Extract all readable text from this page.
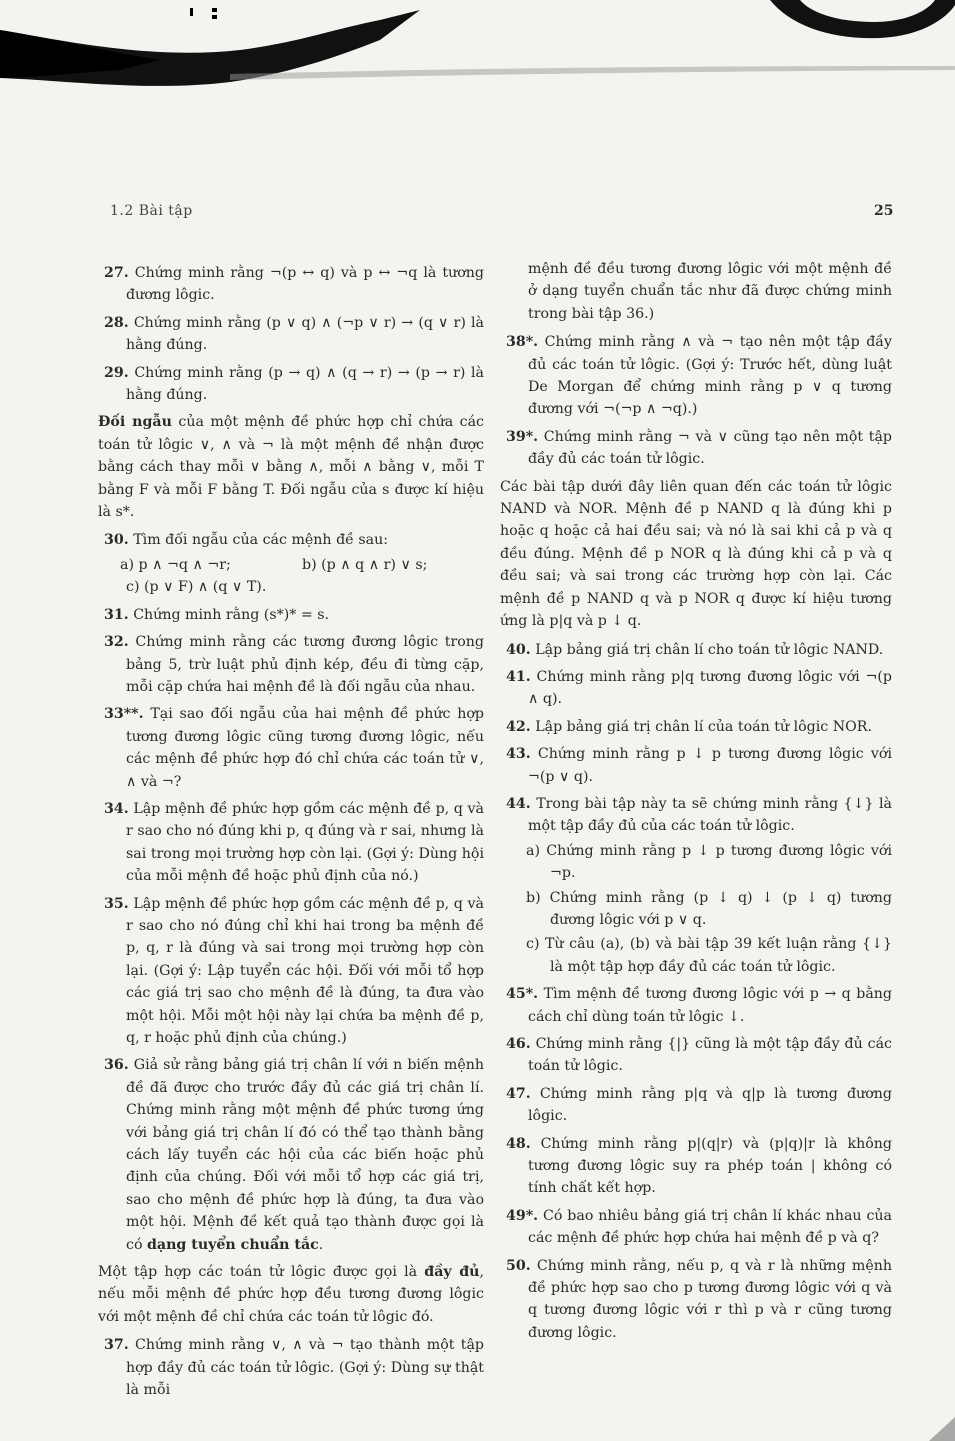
1.2 Bài tập	25

27. Chứng minh rằng ¬(p ↔ q) và p ↔ ¬q là tương đương lôgic.

28. Chứng minh rằng (p ∨ q) ∧ (¬p ∨ r) → (q ∨ r) là hằng đúng.

29. Chứng minh rằng (p → q) ∧ (q → r) → (p → r) là hằng đúng.

Đối ngẫu của một mệnh đề phức hợp chỉ chứa các toán tử lôgic ∨, ∧ và ¬ là một mệnh đề nhận được bằng cách thay mỗi ∨ bằng ∧, mỗi ∧ bằng ∨, mỗi T bằng F và mỗi F bằng T. Đối ngẫu của s được kí hiệu là s*.

30. Tìm đối ngẫu của các mệnh đề sau:

a) p ∧ ¬q ∧ ¬r;	b) (p ∧ q ∧ r) ∨ s;

c) (p ∨ F) ∧ (q ∨ T).

31. Chứng minh rằng (s*)* = s.

32. Chứng minh rằng các tương đương lôgic trong bảng 5, trừ luật phủ định kép, đều đi từng cặp, mỗi cặp chứa hai mệnh đề là đối ngẫu của nhau.

33**. Tại sao đối ngẫu của hai mệnh đề phức hợp tương đương lôgic cũng tương đương lôgic, nếu các mệnh đề phức hợp đó chỉ chứa các toán tử ∨, ∧ và ¬?

34. Lập mệnh đề phức hợp gồm các mệnh đề p, q và r sao cho nó đúng khi p, q đúng và r sai, nhưng là sai trong mọi trường hợp còn lại. (Gợi ý: Dùng hội của mỗi mệnh đề hoặc phủ định của nó.)

35. Lập mệnh đề phức hợp gồm các mệnh đề p, q và r sao cho nó đúng chỉ khi hai trong ba mệnh đề p, q, r là đúng và sai trong mọi trường hợp còn lại. (Gợi ý: Lập tuyển các hội. Đối với mỗi tổ hợp các giá trị sao cho mệnh đề là đúng, ta đưa vào một hội. Mỗi một hội này lại chứa ba mệnh đề p, q, r hoặc phủ định của chúng.)

36. Giả sử rằng bảng giá trị chân lí với n biến mệnh đề đã được cho trước đầy đủ các giá trị chân lí. Chứng minh rằng một mệnh đề phức tương ứng với bảng giá trị chân lí đó có thể tạo thành bằng cách lấy tuyển các hội của các biến hoặc phủ định của chúng. Đối với mỗi tổ hợp các giá trị, sao cho mệnh đề phức hợp là đúng, ta đưa vào một hội. Mệnh đề kết quả tạo thành được gọi là có dạng tuyển chuẩn tắc.

Một tập hợp các toán tử lôgic được gọi là đầy đủ, nếu mỗi mệnh đề phức hợp đều tương đương lôgic với một mệnh đề chỉ chứa các toán tử lôgic đó.

37. Chứng minh rằng ∨, ∧ và ¬ tạo thành một tập hợp đầy đủ các toán tử lôgic. (Gợi ý: Dùng sự thật là mỗi

mệnh đề đều tương đương lôgic với một mệnh đề ở dạng tuyển chuẩn tắc như đã được chứng minh trong bài tập 36.)

38*. Chứng minh rằng ∧ và ¬ tạo nên một tập đầy đủ các toán tử lôgic. (Gợi ý: Trước hết, dùng luật De Morgan để chứng minh rằng p ∨ q tương đương với ¬(¬p ∧ ¬q).)

39*. Chứng minh rằng ¬ và ∨ cũng tạo nên một tập đầy đủ các toán tử lôgic.

Các bài tập dưới đây liên quan đến các toán tử lôgic NAND và NOR. Mệnh đề p NAND q là đúng khi p hoặc q hoặc cả hai đều sai; và nó là sai khi cả p và q đều đúng. Mệnh đề p NOR q là đúng khi cả p và q đều sai; và sai trong các trường hợp còn lại. Các mệnh đề p NAND q và p NOR q được kí hiệu tương ứng là p|q và p ↓ q.

40. Lập bảng giá trị chân lí cho toán tử lôgic NAND.

41. Chứng minh rằng p|q tương đương lôgic với ¬(p ∧ q).

42. Lập bảng giá trị chân lí của toán tử lôgic NOR.

43. Chứng minh rằng p ↓ p tương đương lôgic với ¬(p ∨ q).

44. Trong bài tập này ta sẽ chứng minh rằng {↓} là một tập đầy đủ của các toán tử lôgic.

a) Chứng minh rằng p ↓ p tương đương lôgic với ¬p.

b) Chứng minh rằng (p ↓ q) ↓ (p ↓ q) tương đương lôgic với p ∨ q.

c) Từ câu (a), (b) và bài tập 39 kết luận rằng {↓} là một tập hợp đầy đủ các toán tử lôgic.

45*. Tìm mệnh đề tương đương lôgic với p → q bằng cách chỉ dùng toán tử lôgic ↓.

46. Chứng minh rằng {|} cũng là một tập đầy đủ các toán tử lôgic.

47. Chứng minh rằng p|q và q|p là tương đương lôgic.

48. Chứng minh rằng p|(q|r) và (p|q)|r là không tương đương lôgic suy ra phép toán | không có tính chất kết hợp.

49*. Có bao nhiêu bảng giá trị chân lí khác nhau của các mệnh đề phức hợp chứa hai mệnh đề p và q?

50. Chứng minh rằng, nếu p, q và r là những mệnh đề phức hợp sao cho p tương đương lôgic với q và q tương đương lôgic với r thì p và r cũng tương đương lôgic.
